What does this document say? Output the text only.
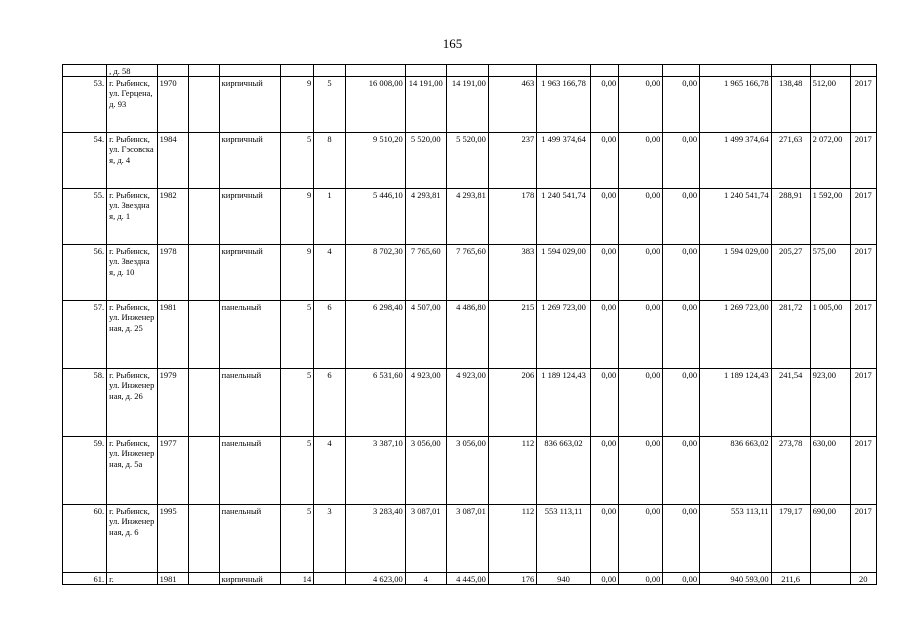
165
	, д. 58																	
53.	г. Рыбинск, ул. Герцена, д. 93	1970		кирпичный	9	5	16 008,00	14 191,00	14 191,00	463	1 963 166,78	0,00	0,00	0,00	1 965 166,78	138,48	512,00	2017
54.	г. Рыбинск, ул. Гэсовская, д. 4	1984		кирпичный	5	8	9 510,20	5 520,00	5 520,00	237	1 499 374,64	0,00	0,00	0,00	1 499 374,64	271,63	2 072,00	2017
55.	г. Рыбинск, ул. Звездная, д. 1	1982		кирпичный	9	1	5 446,10	4 293,81	4 293,81	178	1 240 541,74	0,00	0,00	0,00	1 240 541,74	288,91	1 592,00	2017
56.	г. Рыбинск, ул. Звездная, д. 10	1978		кирпичный	9	4	8 702,30	7 765,60	7 765,60	383	1 594 029,00	0,00	0,00	0,00	1 594 029,00	205,27	575,00	2017
57.	г. Рыбинск, ул. Инженерная, д. 25	1981		панельный	5	6	6 298,40	4 507,00	4 486,80	215	1 269 723,00	0,00	0,00	0,00	1 269 723,00	281,72	1 005,00	2017
58.	г. Рыбинск, ул. Инженерная, д. 26	1979		панельный	5	6	6 531,60	4 923,00	4 923,00	206	1 189 124,43	0,00	0,00	0,00	1 189 124,43	241,54	923,00	2017
59.	г. Рыбинск, ул. Инженерная, д. 5а	1977		панельный	5	4	3 387,10	3 056,00	3 056,00	112	836 663,02	0,00	0,00	0,00	836 663,02	273,78	630,00	2017
60.	г. Рыбинск, ул. Инженерная, д. 6	1995		панельный	5	3	3 283,40	3 087,01	3 087,01	112	553 113,11	0,00	0,00	0,00	553 113,11	179,17	690,00	2017
61.	г.	1981		кирпичный	14		4 623,00	4	4 445,00	176	940	0,00	0,00	0,00	940 593,00	211,6		20
